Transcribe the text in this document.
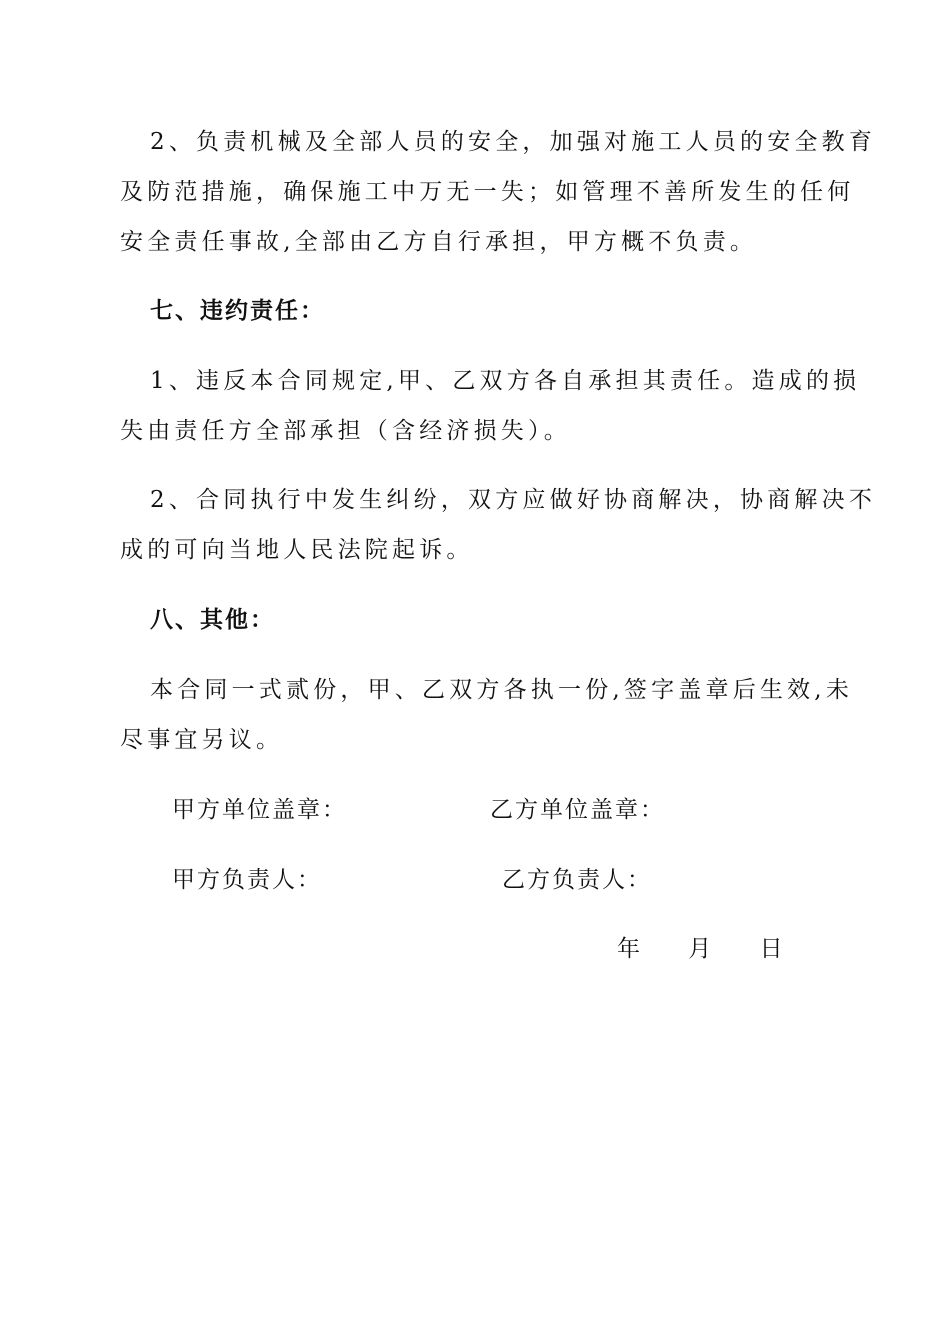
2、负责机械及全部人员的安全，加强对施工人员的安全教育
及防范措施，确保施工中万无一失；如管理不善所发生的任何
安全责任事故,全部由乙方自行承担，甲方概不负责。
七、违约责任：
1、违反本合同规定,甲、乙双方各自承担其责任。造成的损
失由责任方全部承担（含经济损失）。
2、合同执行中发生纠纷，双方应做好协商解决，协商解决不
成的可向当地人民法院起诉。
八、其他：
本合同一式贰份，甲、乙双方各执一份,签字盖章后生效,未
尽事宜另议。
甲方单位盖章：	乙方单位盖章：
甲方负责人：	乙方负责人：
年　 月　 日
